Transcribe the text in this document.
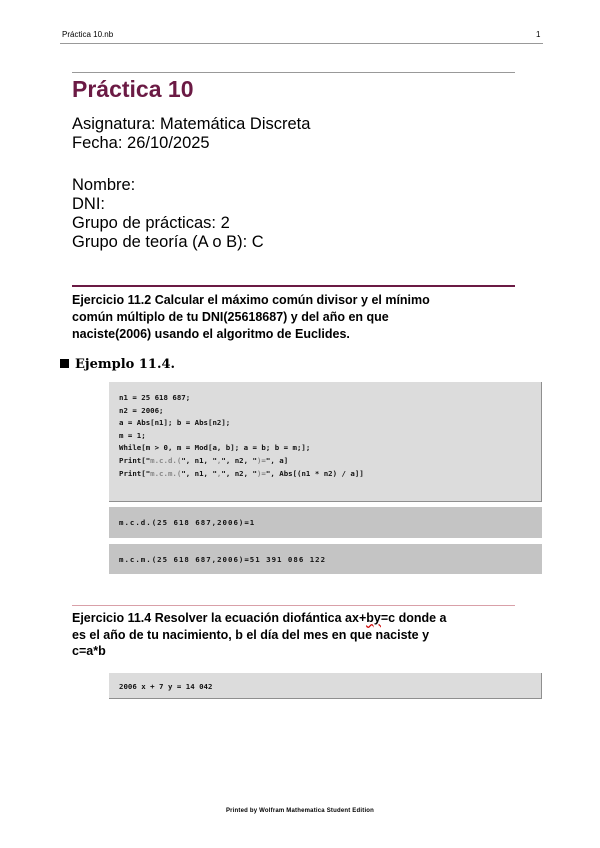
Práctica 10.nb	1
Práctica 10
Asignatura: Matemática Discreta
Fecha: 26/10/2025
Nombre:
DNI:
Grupo de prácticas: 2
Grupo de teoría (A o B): C
Ejercicio 11.2 Calcular el máximo común divisor y el mínimo
común múltiplo de tu DNI(25618687) y del año en que
naciste(2006) usando el algoritmo de Euclides.
Ejemplo 11.4.
n1 = 25 618 687;
n2 = 2006;
a = Abs[n1]; b = Abs[n2];
m = 1;
While[m > 0, m = Mod[a, b]; a = b; b = m;];
Print["m.c.d.(", n1, ",", n2, ")=", a]
Print["m.c.m.(", n1, ",", n2, ")=", Abs[(n1 * n2) / a]]
m.c.d.(25 618 687,2006)=1
m.c.m.(25 618 687,2006)=51 391 086 122
Ejercicio 11.4 Resolver la ecuación diofántica ax+by=c donde a
es el año de tu nacimiento, b el día del mes en que naciste y
c=a*b
2006 x + 7 y = 14 042
Printed by Wolfram Mathematica Student Edition
